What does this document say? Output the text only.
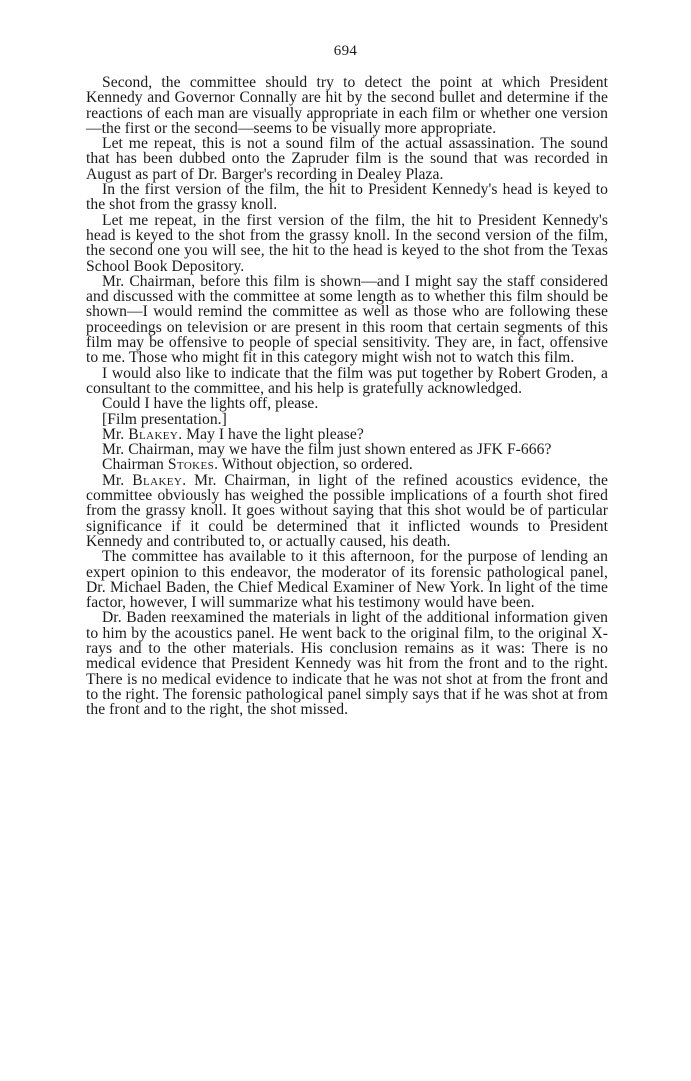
694

Second, the committee should try to detect the point at which President Kennedy and Governor Connally are hit by the second bullet and determine if the reactions of each man are visually appropriate in each film or whether one version—the first or the second—seems to be visually more appropriate.

Let me repeat, this is not a sound film of the actual assassination. The sound that has been dubbed onto the Zapruder film is the sound that was recorded in August as part of Dr. Barger's recording in Dealey Plaza.

In the first version of the film, the hit to President Kennedy's head is keyed to the shot from the grassy knoll.

Let me repeat, in the first version of the film, the hit to President Kennedy's head is keyed to the shot from the grassy knoll. In the second version of the film, the second one you will see, the hit to the head is keyed to the shot from the Texas School Book Depository.

Mr. Chairman, before this film is shown—and I might say the staff considered and discussed with the committee at some length as to whether this film should be shown—I would remind the committee as well as those who are following these proceedings on television or are present in this room that certain segments of this film may be offensive to people of special sensitivity. They are, in fact, offensive to me. Those who might fit in this category might wish not to watch this film.

I would also like to indicate that the film was put together by Robert Groden, a consultant to the committee, and his help is gratefully acknowledged.

Could I have the lights off, please.

[Film presentation.]

Mr. Blakey. May I have the light please?

Mr. Chairman, may we have the film just shown entered as JFK F-666?

Chairman Stokes. Without objection, so ordered.

Mr. Blakey. Mr. Chairman, in light of the refined acoustics evidence, the committee obviously has weighed the possible implications of a fourth shot fired from the grassy knoll. It goes without saying that this shot would be of particular significance if it could be determined that it inflicted wounds to President Kennedy and contributed to, or actually caused, his death.

The committee has available to it this afternoon, for the purpose of lending an expert opinion to this endeavor, the moderator of its forensic pathological panel, Dr. Michael Baden, the Chief Medical Examiner of New York. In light of the time factor, however, I will summarize what his testimony would have been.

Dr. Baden reexamined the materials in light of the additional information given to him by the acoustics panel. He went back to the original film, to the original X-rays and to the other materials. His conclusion remains as it was: There is no medical evidence that President Kennedy was hit from the front and to the right. There is no medical evidence to indicate that he was not shot at from the front and to the right. The forensic pathological panel simply says that if he was shot at from the front and to the right, the shot missed.
